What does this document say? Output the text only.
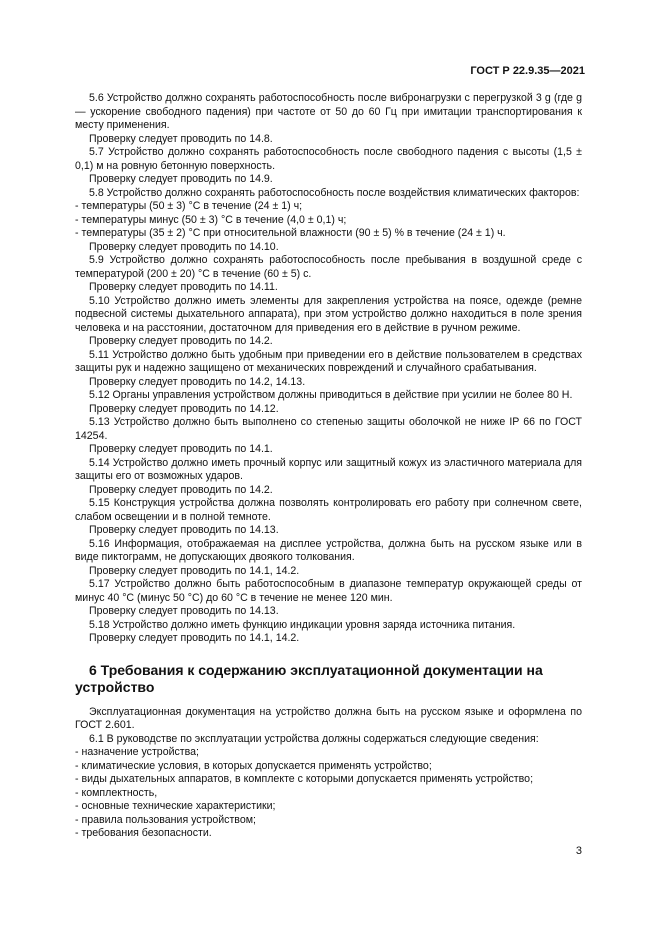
ГОСТ Р 22.9.35—2021
5.6 Устройство должно сохранять работоспособность после вибронагрузки с перегрузкой 3 g (где g — ускорение свободного падения) при частоте от 50 до 60 Гц при имитации транспортирования к месту применения.
Проверку следует проводить по 14.8.
5.7 Устройство должно сохранять работоспособность после свободного падения с высоты (1,5 ± 0,1) м на ровную бетонную поверхность.
Проверку следует проводить по 14.9.
5.8 Устройство должно сохранять работоспособность после воздействия климатических факторов:
- температуры (50 ± 3) °С в течение (24 ± 1) ч;
- температуры минус (50 ± 3) °С в течение (4,0 ± 0,1) ч;
- температуры (35 ± 2) °С при относительной влажности (90 ± 5) % в течение (24 ± 1) ч.
Проверку следует проводить по 14.10.
5.9 Устройство должно сохранять работоспособность после пребывания в воздушной среде с температурой (200 ± 20) °С в течение (60 ± 5) с.
Проверку следует проводить по 14.11.
5.10 Устройство должно иметь элементы для закрепления устройства на поясе, одежде (ремне подвесной системы дыхательного аппарата), при этом устройство должно находиться в поле зрения человека и на расстоянии, достаточном для приведения его в действие в ручном режиме.
Проверку следует проводить по 14.2.
5.11 Устройство должно быть удобным при приведении его в действие пользователем в средствах защиты рук и надежно защищено от механических повреждений и случайного срабатывания.
Проверку следует проводить по 14.2, 14.13.
5.12 Органы управления устройством должны приводиться в действие при усилии не более 80 Н.
Проверку следует проводить по 14.12.
5.13 Устройство должно быть выполнено со степенью защиты оболочкой не ниже IP 66 по ГОСТ 14254.
Проверку следует проводить по 14.1.
5.14 Устройство должно иметь прочный корпус или защитный кожух из эластичного материала для защиты его от возможных ударов.
Проверку следует проводить по 14.2.
5.15 Конструкция устройства должна позволять контролировать его работу при солнечном свете, слабом освещении и в полной темноте.
Проверку следует проводить по 14.13.
5.16 Информация, отображаемая на дисплее устройства, должна быть на русском языке или в виде пиктограмм, не допускающих двоякого толкования.
Проверку следует проводить по 14.1, 14.2.
5.17 Устройство должно быть работоспособным в диапазоне температур окружающей среды от минус 40 °С (минус 50 °С) до 60 °С в течение не менее 120 мин.
Проверку следует проводить по 14.13.
5.18 Устройство должно иметь функцию индикации уровня заряда источника питания.
Проверку следует проводить по 14.1, 14.2.
6 Требования к содержанию эксплуатационной документации на устройство
Эксплуатационная документация на устройство должна быть на русском языке и оформлена по ГОСТ 2.601.
6.1 В руководстве по эксплуатации устройства должны содержаться следующие сведения:
- назначение устройства;
- климатические условия, в которых допускается применять устройство;
- виды дыхательных аппаратов, в комплекте с которыми допускается применять устройство;
- комплектность,
- основные технические характеристики;
- правила пользования устройством;
- требования безопасности.
3
